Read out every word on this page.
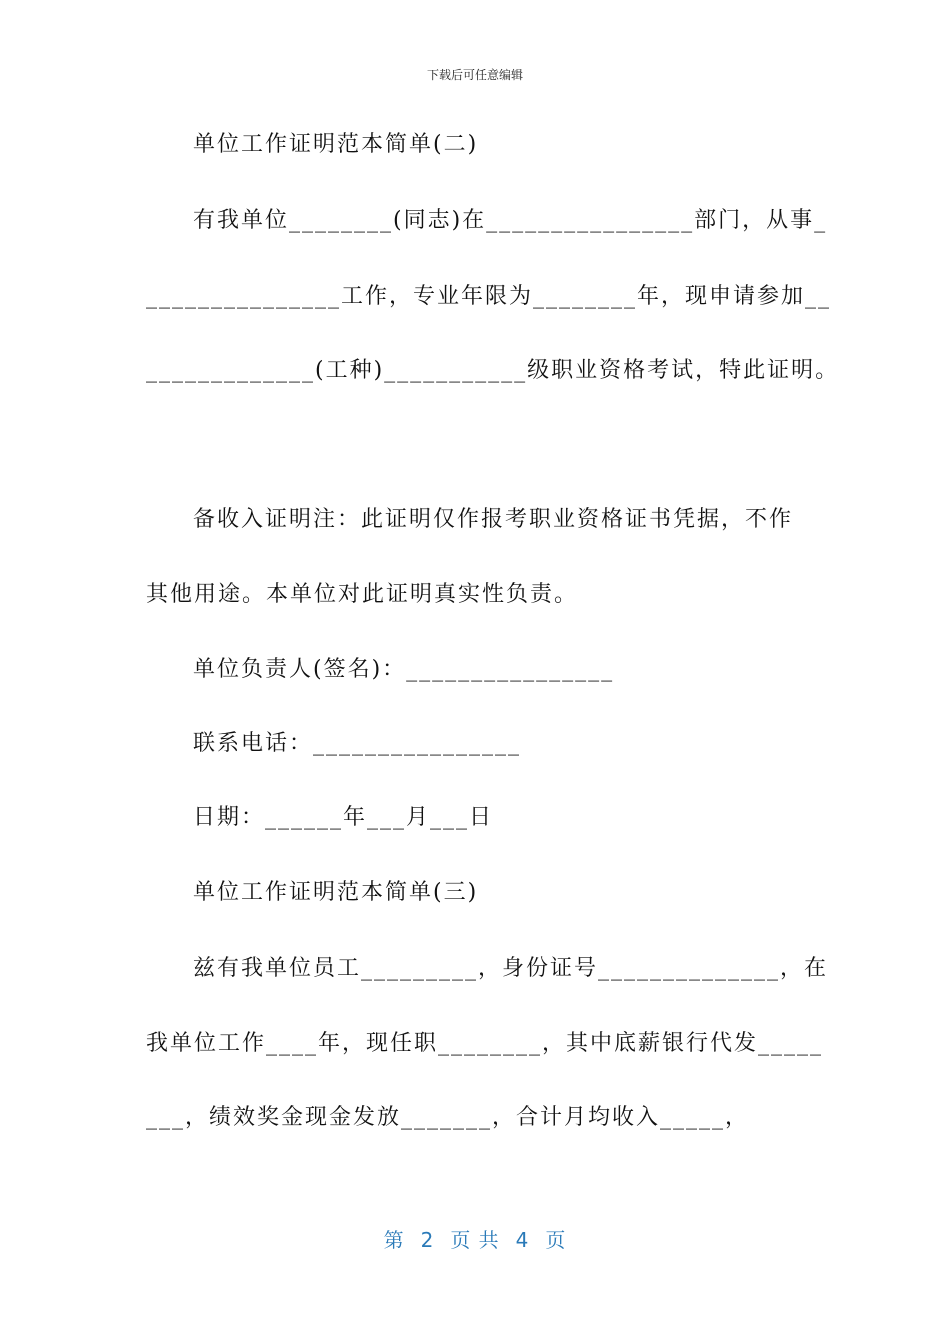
下载后可任意编辑
单位工作证明范本简单(二)
有我单位________(同志)在________________部门，从事_
_______________工作，专业年限为________年，现申请参加__
_____________(工种)___________级职业资格考试，特此证明。
备收入证明注：此证明仅作报考职业资格证书凭据，不作
其他用途。本单位对此证明真实性负责。
单位负责人(签名)：________________
联系电话：________________
日期：______年___月___日
单位工作证明范本简单(三)
兹有我单位员工_________，身份证号______________，在
我单位工作____年，现任职________，其中底薪银行代发_____
___，绩效奖金现金发放_______，合计月均收入_____，
第 2 页 共 4 页
